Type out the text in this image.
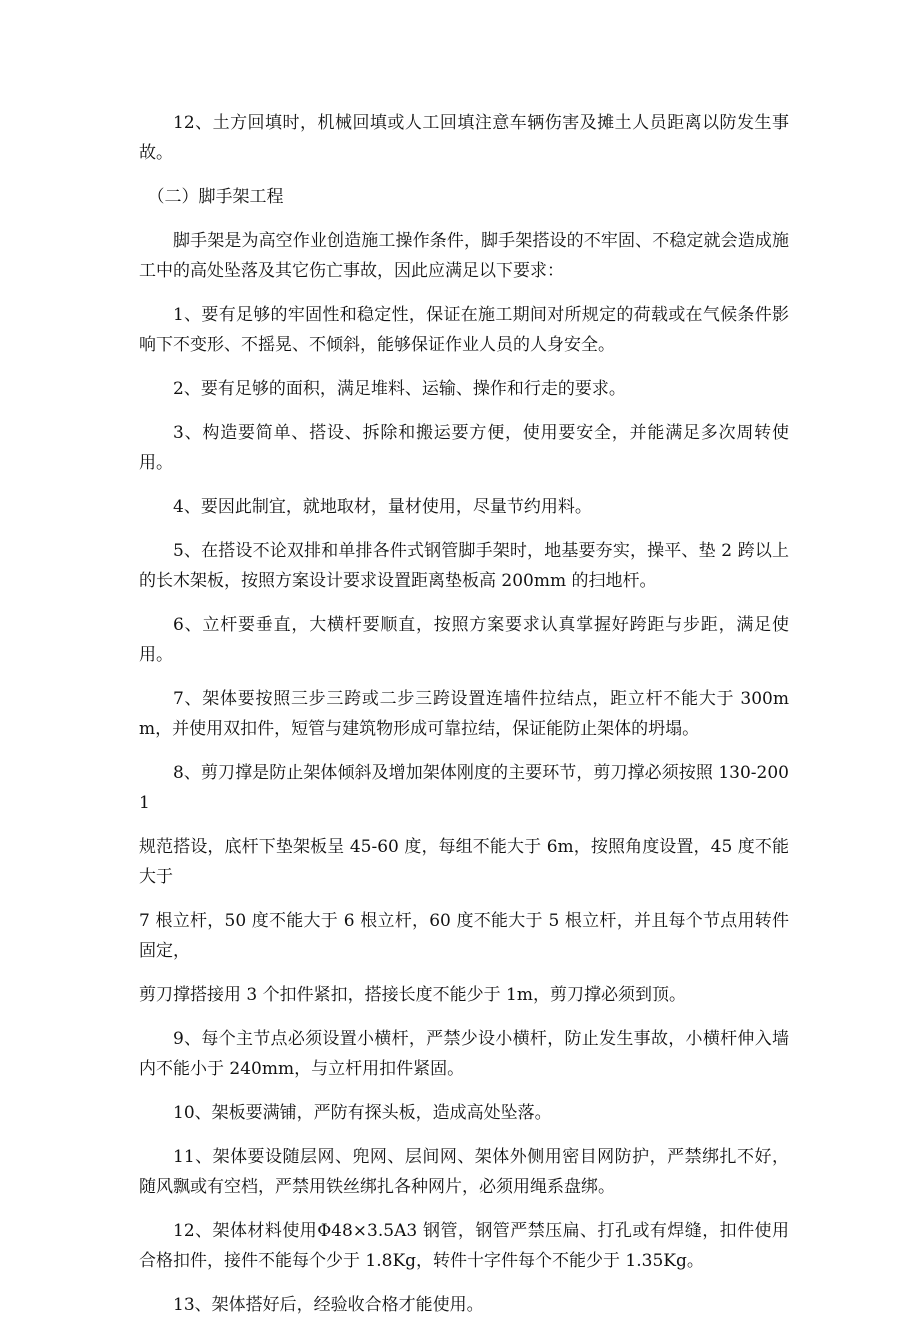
12、土方回填时，机械回填或人工回填注意车辆伤害及摊土人员距离以防发生事故。

（二）脚手架工程

脚手架是为高空作业创造施工操作条件，脚手架搭设的不牢固、不稳定就会造成施工中的高处坠落及其它伤亡事故，因此应满足以下要求：

1、要有足够的牢固性和稳定性，保证在施工期间对所规定的荷载或在气候条件影响下不变形、不摇晃、不倾斜，能够保证作业人员的人身安全。

2、要有足够的面积，满足堆料、运输、操作和行走的要求。

3、构造要简单、搭设、拆除和搬运要方便，使用要安全，并能满足多次周转使用。

4、要因此制宜，就地取材，量材使用，尽量节约用料。

5、在搭设不论双排和单排各件式钢管脚手架时，地基要夯实，操平、垫 2 跨以上的长木架板，按照方案设计要求设置距离垫板高 200mm 的扫地杆。

6、立杆要垂直，大横杆要顺直，按照方案要求认真掌握好跨距与步距，满足使用。

7、架体要按照三步三跨或二步三跨设置连墙件拉结点，距立杆不能大于 300mm，并使用双扣件，短管与建筑物形成可靠拉结，保证能防止架体的坍塌。

8、剪刀撑是防止架体倾斜及增加架体刚度的主要环节，剪刀撑必须按照 130-2001

规范搭设，底杆下垫架板呈 45-60 度，每组不能大于 6m，按照角度设置，45 度不能大于

7 根立杆，50 度不能大于 6 根立杆，60 度不能大于 5 根立杆，并且每个节点用转件固定，

剪刀撑搭接用 3 个扣件紧扣，搭接长度不能少于 1m，剪刀撑必须到顶。

9、每个主节点必须设置小横杆，严禁少设小横杆，防止发生事故，小横杆伸入墙内不能小于 240mm，与立杆用扣件紧固。

10、架板要满铺，严防有探头板，造成高处坠落。

11、架体要设随层网、兜网、层间网、架体外侧用密目网防护，严禁绑扎不好，随风飘或有空档，严禁用铁丝绑扎各种网片，必须用绳系盘绑。

12、架体材料使用Φ48×3.5A3 钢管，钢管严禁压扁、打孔或有焊缝，扣件使用合格扣件，接件不能每个少于 1.8Kg，转件十字件每个不能少于 1.35Kg。

13、架体搭好后，经验收合格才能使用。
